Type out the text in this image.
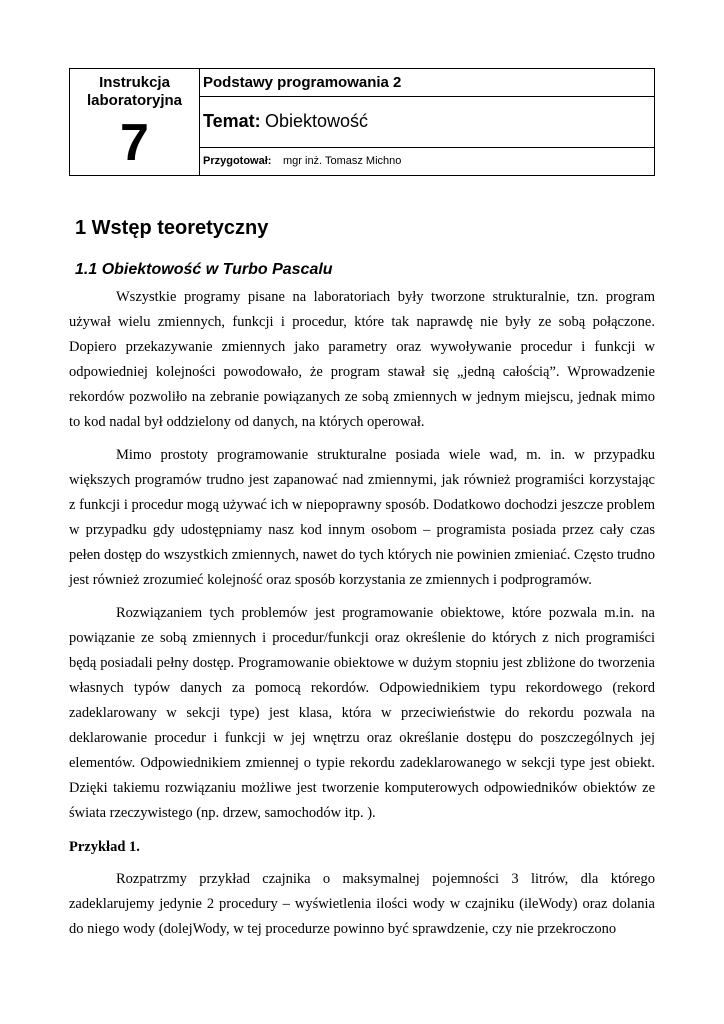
Instrukcja
laboratoryjna
7
Podstawy programowania 2
Temat: Obiektowość
Przygotował: mgr inż. Tomasz Michno
1 Wstęp teoretyczny
1.1 Obiektowość w Turbo Pascalu

Wszystkie programy pisane na laboratoriach były tworzone strukturalnie, tzn. program używał wielu zmiennych, funkcji i procedur, które tak naprawdę nie były ze sobą połączone. Dopiero przekazywanie zmiennych jako parametry oraz wywoływanie procedur i funkcji w odpowiedniej kolejności powodowało, że program stawał się „jedną całością”. Wprowadzenie rekordów pozwoliło na zebranie powiązanych ze sobą zmiennych w jednym miejscu, jednak mimo to kod nadal był oddzielony od danych, na których operował.

Mimo prostoty programowanie strukturalne posiada wiele wad, m. in. w przypadku większych programów trudno jest zapanować nad zmiennymi, jak również programiści korzystając z funkcji i procedur mogą używać ich w niepoprawny sposób. Dodatkowo dochodzi jeszcze problem w przypadku gdy udostępniamy nasz kod innym osobom – programista posiada przez cały czas pełen dostęp do wszystkich zmiennych, nawet do tych których nie powinien zmieniać. Często trudno jest również zrozumieć kolejność oraz sposób korzystania ze zmiennych i podprogramów.

Rozwiązaniem tych problemów jest programowanie obiektowe, które pozwala m.in. na powiązanie ze sobą zmiennych i procedur/funkcji oraz określenie do których z nich programiści będą posiadali pełny dostęp. Programowanie obiektowe w dużym stopniu jest zbliżone do tworzenia własnych typów danych za pomocą rekordów. Odpowiednikiem typu rekordowego (rekord zadeklarowany w sekcji type) jest klasa, która w przeciwieństwie do rekordu pozwala na deklarowanie procedur i funkcji w jej wnętrzu oraz określanie dostępu do poszczególnych jej elementów. Odpowiednikiem zmiennej o typie rekordu zadeklarowanego w sekcji type jest obiekt. Dzięki takiemu rozwiązaniu możliwe jest tworzenie komputerowych odpowiedników obiektów ze świata rzeczywistego (np. drzew, samochodów itp. ).

Przykład 1.

Rozpatrzmy przykład czajnika o maksymalnej pojemności 3 litrów, dla którego zadeklarujemy jedynie 2 procedury – wyświetlenia ilości wody w czajniku (ileWody) oraz dolania do niego wody (dolejWody, w tej procedurze powinno być sprawdzenie, czy nie przekroczono
